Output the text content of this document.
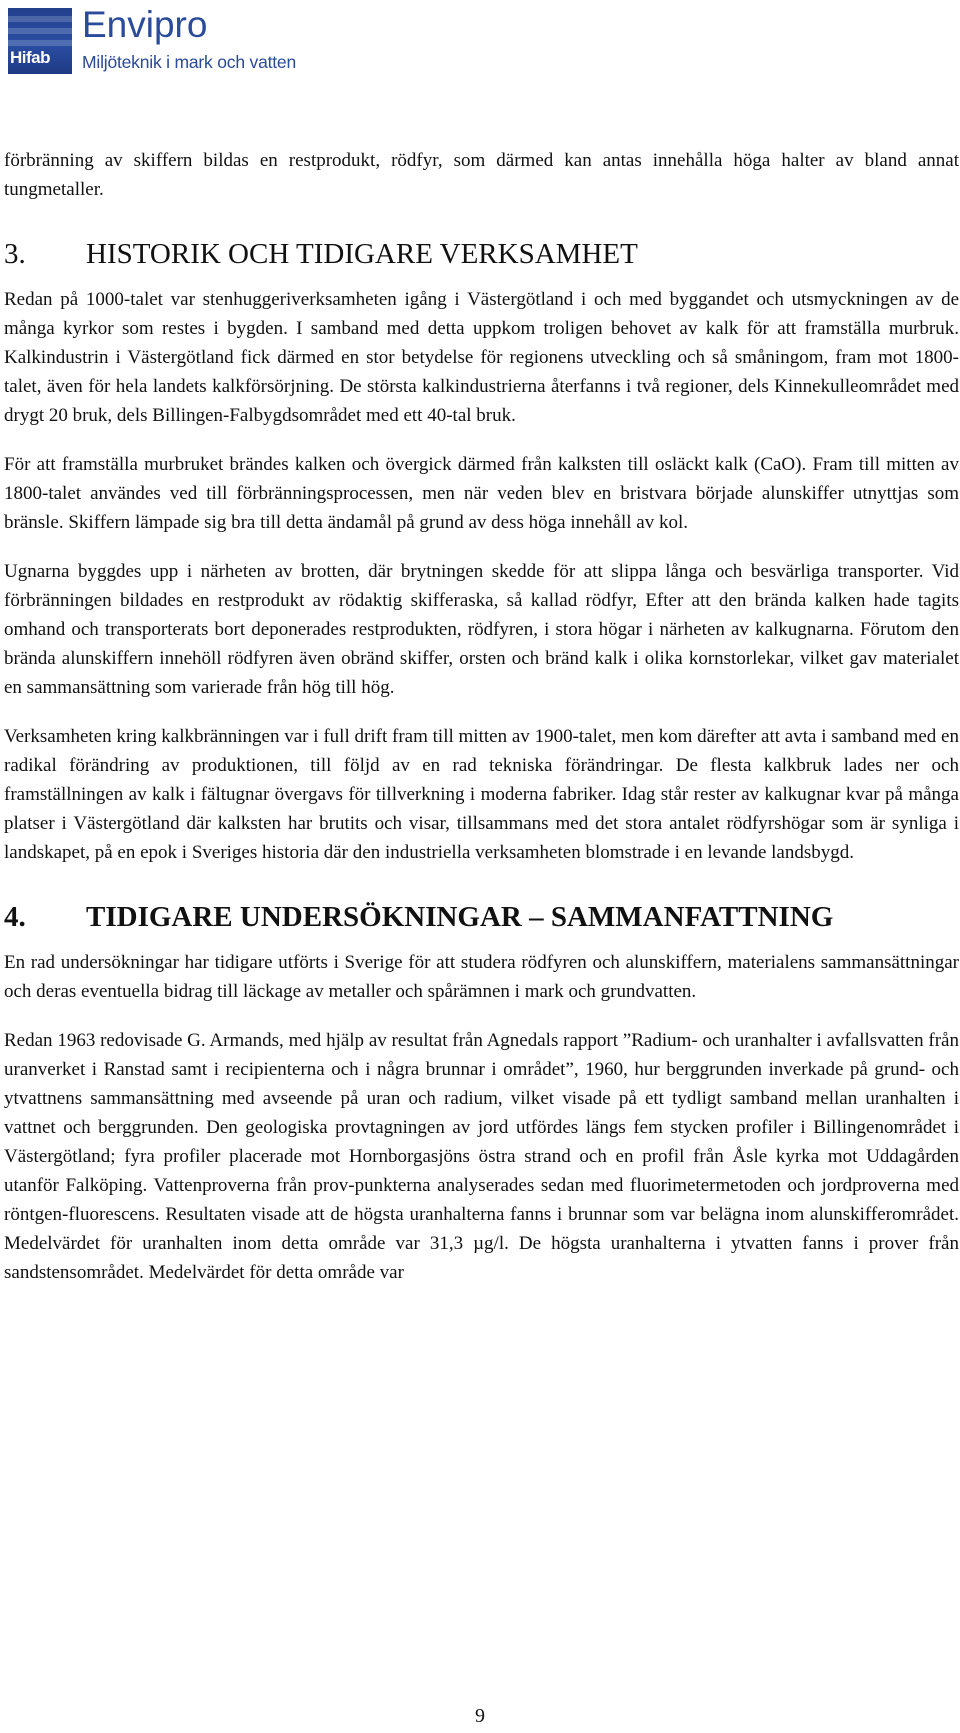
Hifab
Envipro
Miljöteknik i mark och vatten

förbränning av skiffern bildas en restprodukt, rödfyr, som därmed kan antas innehålla höga halter av bland annat tungmetaller.

3.	HISTORIK OCH TIDIGARE VERKSAMHET

Redan på 1000-talet var stenhuggeriverksamheten igång i Västergötland i och med byggandet och utsmyckningen av de många kyrkor som restes i bygden. I samband med detta uppkom troligen behovet av kalk för att framställa murbruk. Kalkindustrin i Västergötland fick därmed en stor betydelse för regionens utveckling och så småningom, fram mot 1800-talet, även för hela landets kalkförsörjning. De största kalkindustrierna återfanns i två regioner, dels Kinnekulleområdet med drygt 20 bruk, dels Billingen-Falbygdsområdet med ett 40-tal bruk.

För att framställa murbruket brändes kalken och övergick därmed från kalksten till osläckt kalk (CaO). Fram till mitten av 1800-talet användes ved till förbränningsprocessen, men när veden blev en bristvara började alunskiffer utnyttjas som bränsle. Skiffern lämpade sig bra till detta ändamål på grund av dess höga innehåll av kol.

Ugnarna byggdes upp i närheten av brotten, där brytningen skedde för att slippa långa och besvärliga transporter. Vid förbränningen bildades en restprodukt av rödaktig skifferaska, så kallad rödfyr, Efter att den brända kalken hade tagits omhand och transporterats bort deponerades restprodukten, rödfyren, i stora högar i närheten av kalkugnarna. Förutom den brända alunskiffern innehöll rödfyren även obränd skiffer, orsten och bränd kalk i olika kornstorlekar, vilket gav materialet en sammansättning som varierade från hög till hög.

Verksamheten kring kalkbränningen var i full drift fram till mitten av 1900-talet, men kom därefter att avta i samband med en radikal förändring av produktionen, till följd av en rad tekniska förändringar. De flesta kalkbruk lades ner och framställningen av kalk i fältugnar övergavs för tillverkning i moderna fabriker. Idag står rester av kalkugnar kvar på många platser i Västergötland där kalksten har brutits och visar, tillsammans med det stora antalet rödfyrshögar som är synliga i landskapet, på en epok i Sveriges historia där den industriella verksamheten blomstrade i en levande landsbygd.

4.	TIDIGARE UNDERSÖKNINGAR – SAMMANFATTNING

En rad undersökningar har tidigare utförts i Sverige för att studera rödfyren och alunskiffern, materialens sammansättningar och deras eventuella bidrag till läckage av metaller och spårämnen i mark och grundvatten.

Redan 1963 redovisade G. Armands, med hjälp av resultat från Agnedals rapport ”Radium- och uranhalter i avfallsvatten från uranverket i Ranstad samt i recipienterna och i några brunnar i området”, 1960, hur berggrunden inverkade på grund- och ytvattnens sammansättning med avseende på uran och radium, vilket visade på ett tydligt samband mellan uranhalten i vattnet och berggrunden. Den geologiska provtagningen av jord utfördes längs fem stycken profiler i Billingenområdet i Västergötland; fyra profiler placerade mot Hornborgasjöns östra strand och en profil från Åsle kyrka mot Uddagården utanför Falköping. Vattenproverna från prov-punkterna analyserades sedan med fluorimetermetoden och jordproverna med röntgen-fluorescens. Resultaten visade att de högsta uranhalterna fanns i brunnar som var belägna inom alunskifferområdet. Medelvärdet för uranhalten inom detta område var 31,3 µg/l. De högsta uranhalterna i ytvatten fanns i prover från sandstensområdet. Medelvärdet för detta område var

9
